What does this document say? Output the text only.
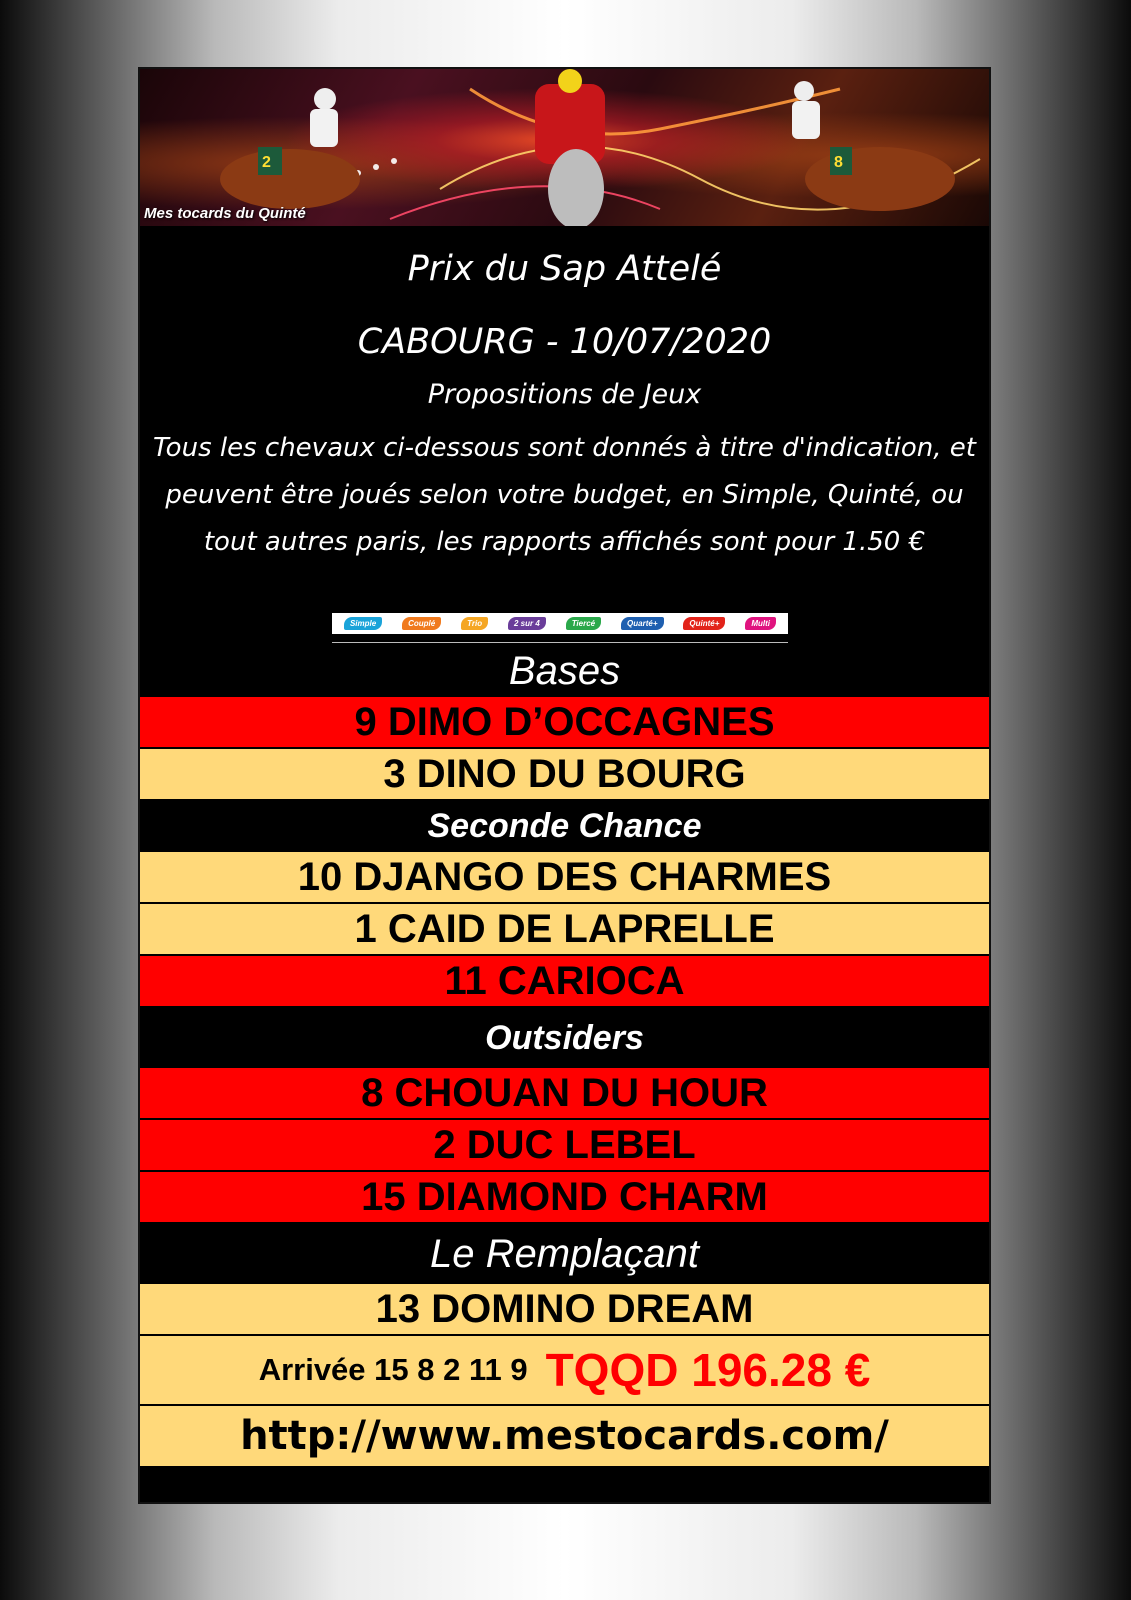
2	8
Mes tocards du Quinté
Prix du Sap Attelé
CABOURG - 10/07/2020
Propositions de Jeux
Tous les chevaux ci-dessous sont donnés à titre d'indication, et peuvent être joués selon votre budget, en Simple, Quinté, ou tout autres paris, les rapports affichés sont pour 1.50 €
Simple	Couplé	Trio	2 sur 4	Tiercé	Quarté+	Quinté+	Multi
Bases
9 DIMO D’OCCAGNES
3 DINO DU BOURG
Seconde Chance
10 DJANGO DES CHARMES
1 CAID DE LAPRELLE
11 CARIOCA
Outsiders
8 CHOUAN DU HOUR
2 DUC LEBEL
15 DIAMOND CHARM
Le Remplaçant
13 DOMINO DREAM
Arrivée 15 8 2 11 9 TQQD 196.28 €
http://www.mestocards.com/
